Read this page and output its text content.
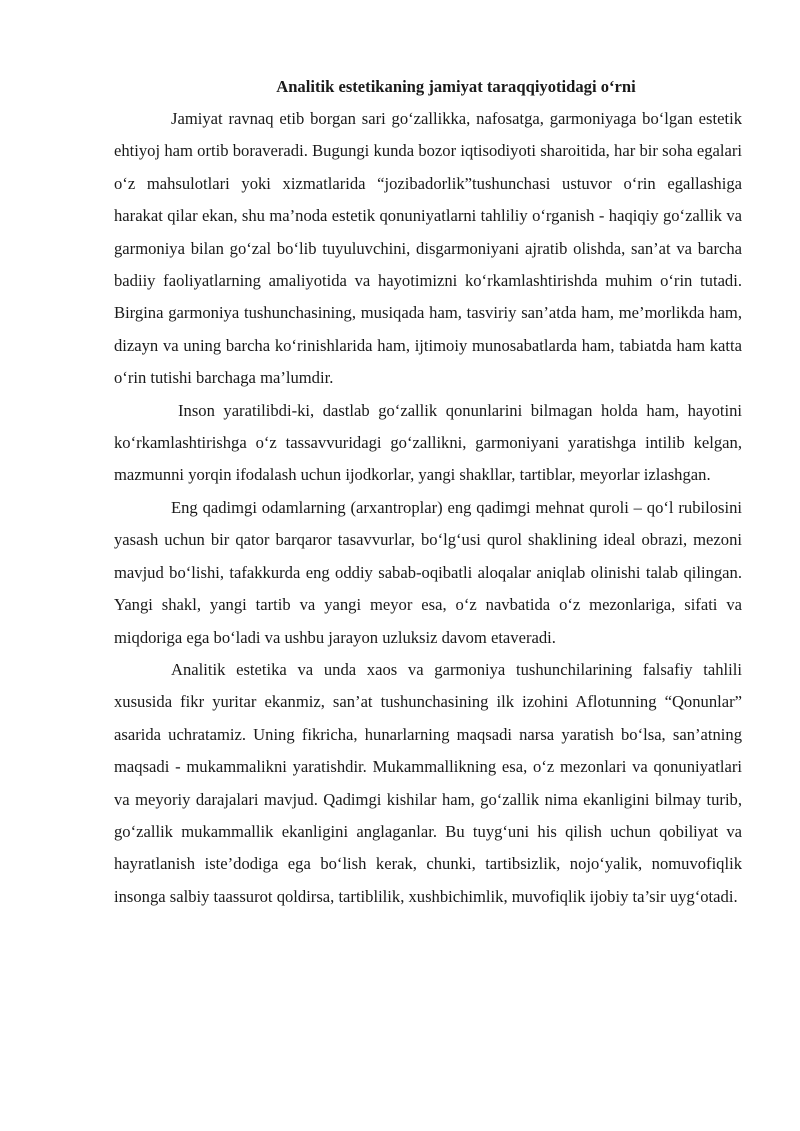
Analitik estetikaning jamiyat taraqqiyotidagi o‘rni

Jamiyat ravnaq etib borgan sari go‘zallikka, nafosatga, garmoniyaga bo‘lgan estetik ehtiyoj ham ortib boraveradi. Bugungi kunda bozor iqtisodiyoti sharoitida, har bir soha egalari o‘z mahsulotlari yoki xizmatlarida “jozibadorlik”tushunchasi ustuvor o‘rin egallashiga harakat qilar ekan, shu ma’noda estetik qonuniyatlarni tahliliy o‘rganish - haqiqiy go‘zallik va garmoniya bilan go‘zal bo‘lib tuyuluvchini, disgarmoniyani ajratib olishda, san’at va barcha badiiy faoliyatlarning amaliyotida va hayotimizni ko‘rkamlashtirishda muhim o‘rin tutadi. Birgina garmoniya tushunchasining, musiqada ham, tasviriy san’atda ham, me’morlikda ham, dizayn va uning barcha ko‘rinishlarida ham, ijtimoiy munosabatlarda ham, tabiatda ham katta o‘rin tutishi barchaga ma’lumdir.

Inson yaratilibdi-ki, dastlab go‘zallik qonunlarini bilmagan holda ham, hayotini ko‘rkamlashtirishga o‘z tassavvuridagi go‘zallikni, garmoniyani yaratishga intilib kelgan, mazmunni yorqin ifodalash uchun ijodkorlar, yangi shakllar, tartiblar, meyorlar izlashgan.

Eng qadimgi odamlarning (arxantroplar) eng qadimgi mehnat quroli – qo‘l rubilosini yasash uchun bir qator barqaror tasavvurlar, bo‘lg‘usi qurol shaklining ideal obrazi, mezoni mavjud bo‘lishi, tafakkurda eng oddiy sabab-oqibatli aloqalar aniqlab olinishi talab qilingan. Yangi shakl, yangi tartib va yangi meyor esa, o‘z navbatida o‘z mezonlariga, sifati va miqdoriga ega bo‘ladi va ushbu jarayon uzluksiz davom etaveradi.

Analitik estetika va unda xaos va garmoniya tushunchilarining falsafiy tahlili xususida fikr yuritar ekanmiz, san’at tushunchasining ilk izohini Aflotunning “Qonunlar” asarida uchratamiz. Uning fikricha, hunarlarning maqsadi narsa yaratish bo‘lsa, san’atning maqsadi - mukammalikni yaratishdir. Mukammallikning esa, o‘z mezonlari va qonuniyatlari va meyoriy darajalari mavjud. Qadimgi kishilar ham, go‘zallik nima ekanligini bilmay turib, go‘zallik mukammallik ekanligini anglaganlar. Bu tuyg‘uni his qilish uchun qobiliyat va hayratlanish iste’dodiga ega bo‘lish kerak, chunki, tartibsizlik, nojo‘yalik, nomuvofiqlik insonga salbiy taassurot qoldirsa, tartiblilik, xushbichimlik, muvofiqlik ijobiy ta’sir uyg‘otadi.
